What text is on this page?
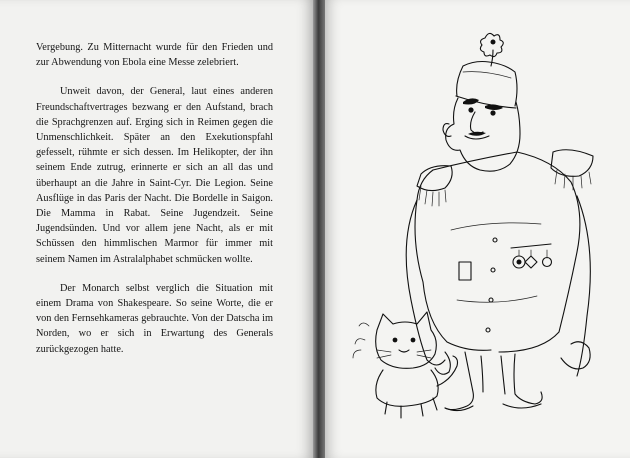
Vergebung. Zu Mitternacht wurde für den Frieden und zur Abwendung von Ebola eine Messe zelebriert.

Unweit davon, der General, laut eines anderen Freundschaftvertrages bezwang er den Aufstand, brach die Sprachgrenzen auf. Erging sich in Reimen gegen die Unmenschlichkeit. Später an den Exekutionspfahl gefesselt, rühmte er sich dessen. Im Helikopter, der ihn seinem Ende zutrug, erinnerte er sich an all das und überhaupt an die Jahre in Saint-Cyr. Die Legion. Seine Ausflüge in das Paris der Nacht. Die Bordelle in Saigon. Die Mamma in Rabat. Seine Jugendzeit. Seine Jugendsünden. Und vor allem jene Nacht, als er mit Schüssen den himmlischen Marmor für immer mit seinem Namen im Astralalphabet schmücken wollte.

Der Monarch selbst verglich die Situation mit einem Drama von Shakespeare. So seine Worte, die er von den Fernsehkameras gebrauchte. Von der Datscha im Norden, wo er sich in Erwartung des Generals zurückgezogen hatte.
